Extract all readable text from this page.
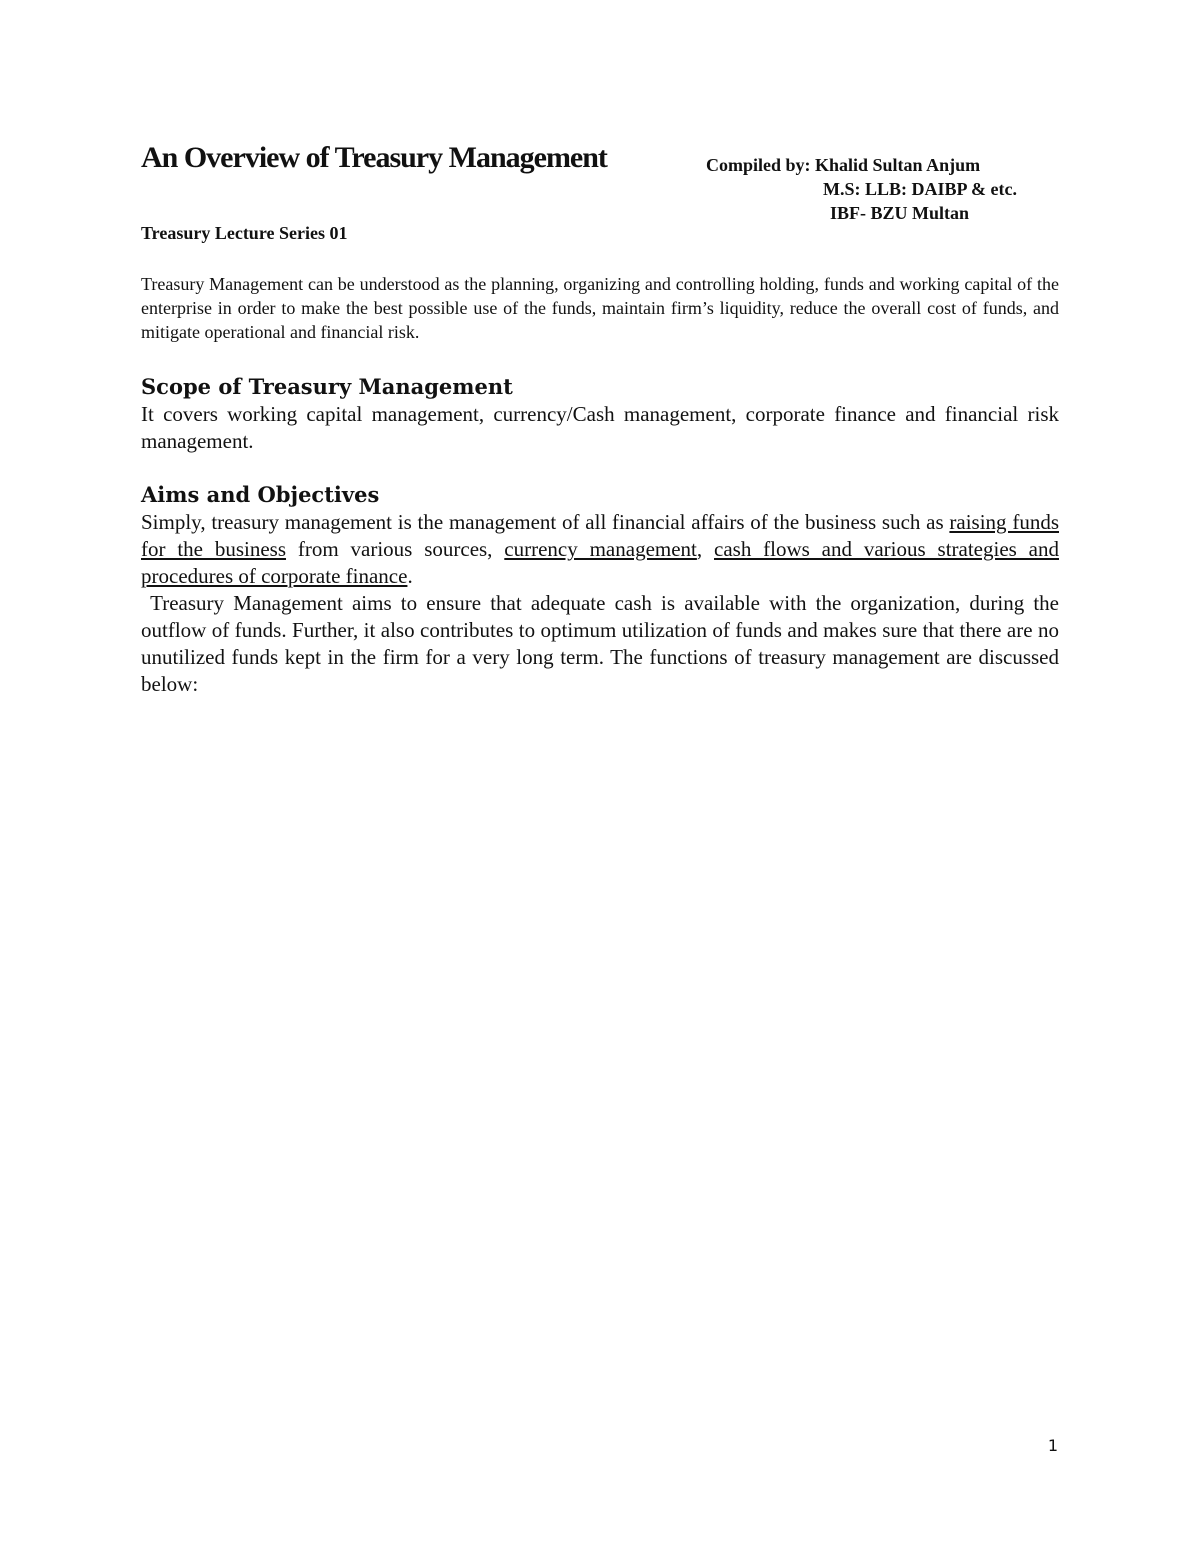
An Overview of Treasury Management	Compiled by: Khalid Sultan Anjum
M.S: LLB: DAIBP & etc.
IBF- BZU Multan
Treasury Lecture Series 01
Treasury Management can be understood as the planning, organizing and controlling holding, funds and working capital of the enterprise in order to make the best possible use of the funds, maintain firm’s liquidity, reduce the overall cost of funds, and mitigate operational and financial risk.
Scope of Treasury Management

It covers working capital management, currency/Cash management, corporate finance and financial risk management.

Aims and Objectives

Simply, treasury management is the management of all financial affairs of the business such as raising funds for the business from various sources, currency management, cash flows and various strategies and procedures of corporate finance.

Treasury Management aims to ensure that adequate cash is available with the organization, during the outflow of funds. Further, it also contributes to optimum utilization of funds and makes sure that there are no unutilized funds kept in the firm for a very long term. The functions of treasury management are discussed below:

1
